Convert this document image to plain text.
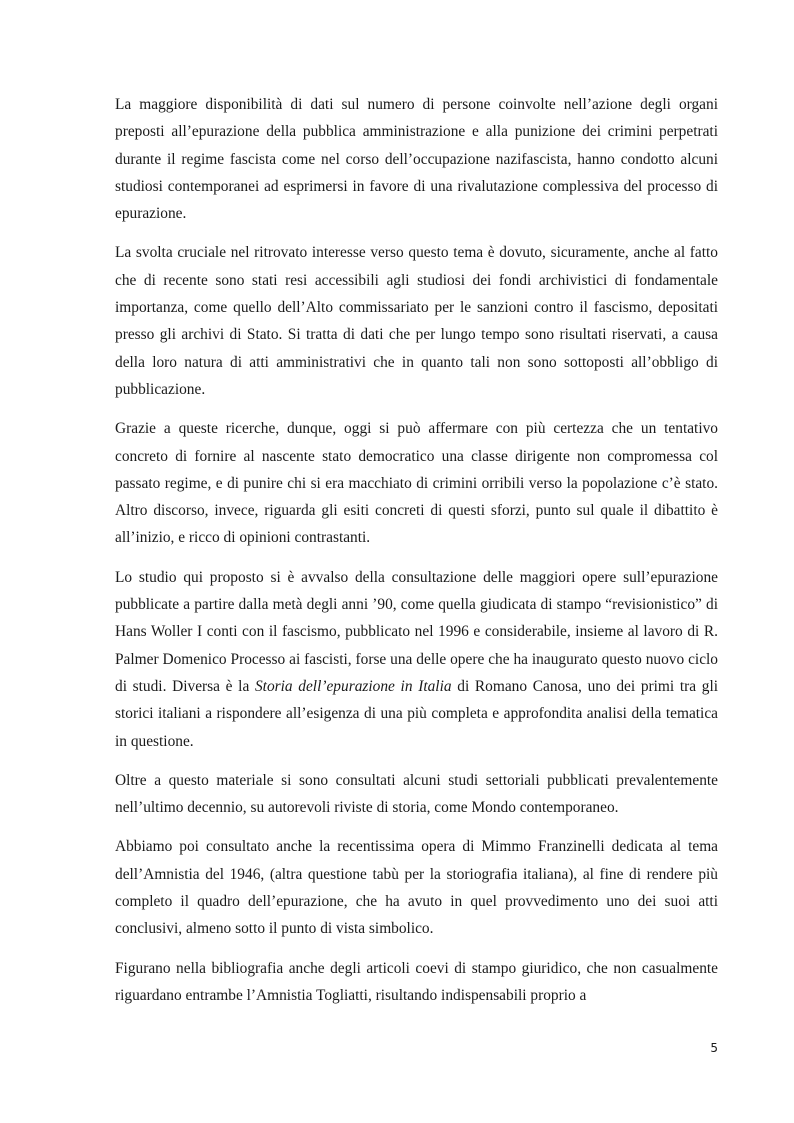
La maggiore disponibilità di dati sul numero di persone coinvolte nell’azione degli organi preposti all’epurazione della pubblica amministrazione e alla punizione dei crimini perpetrati durante il regime fascista come nel corso dell’occupazione nazifascista, hanno condotto alcuni studiosi contemporanei ad esprimersi in favore di una rivalutazione complessiva del processo di epurazione.

La svolta cruciale nel ritrovato interesse verso questo tema è dovuto, sicuramente, anche al fatto che di recente sono stati resi accessibili agli studiosi dei fondi archivistici di fondamentale importanza, come quello dell’Alto commissariato per le sanzioni contro il fascismo, depositati presso gli archivi di Stato. Si tratta di dati che per lungo tempo sono risultati riservati, a causa della loro natura di atti amministrativi che in quanto tali non sono sottoposti all’obbligo di pubblicazione.

Grazie a queste ricerche, dunque, oggi si può affermare con più certezza che un tentativo concreto di fornire al nascente stato democratico una classe dirigente non compromessa col passato regime, e di punire chi si era macchiato di crimini orribili verso la popolazione c’è stato. Altro discorso, invece, riguarda gli esiti concreti di questi sforzi, punto sul quale il dibattito è all’inizio, e ricco di opinioni contrastanti.

Lo studio qui proposto si è avvalso della consultazione delle maggiori opere sull’epurazione pubblicate a partire dalla metà degli anni ’90, come quella giudicata di stampo “revisionistico” di Hans Woller I conti con il fascismo, pubblicato nel 1996 e considerabile, insieme al lavoro di R. Palmer Domenico Processo ai fascisti, forse una delle opere che ha inaugurato questo nuovo ciclo di studi. Diversa è la Storia dell’epurazione in Italia di Romano Canosa, uno dei primi tra gli storici italiani a rispondere all’esigenza di una più completa e approfondita analisi della tematica in questione.

Oltre a questo materiale si sono consultati alcuni studi settoriali pubblicati prevalentemente nell’ultimo decennio, su autorevoli riviste di storia, come Mondo contemporaneo.

Abbiamo poi consultato anche la recentissima opera di Mimmo Franzinelli dedicata al tema dell’Amnistia del 1946, (altra questione tabù per la storiografia italiana), al fine di rendere più completo il quadro dell’epurazione, che ha avuto in quel provvedimento uno dei suoi atti conclusivi, almeno sotto il punto di vista simbolico.

Figurano nella bibliografia anche degli articoli coevi di stampo giuridico, che non casualmente riguardano entrambe l’Amnistia Togliatti, risultando indispensabili proprio a

5
